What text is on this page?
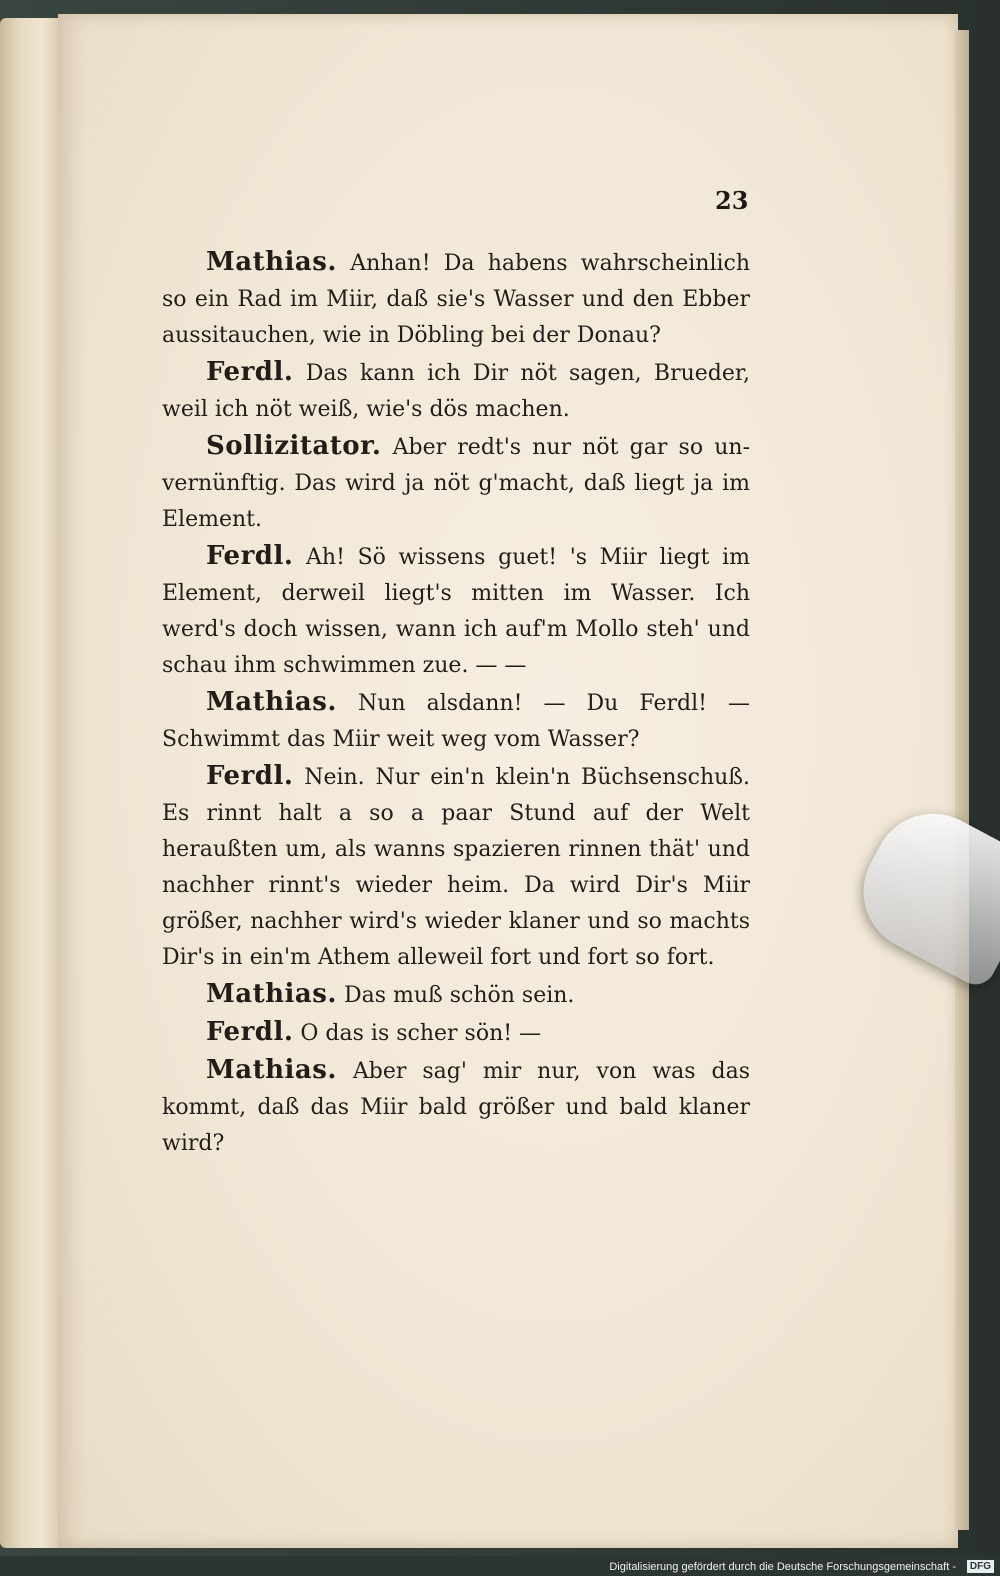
23

Mathias. Anhan! Da habens wahrscheinlich so ein Rad im Miir, daß sie's Wasser und den Ebber aussitauchen, wie in Döbling bei der Donau?

Ferdl. Das kann ich Dir nöt sagen, Brueder, weil ich nöt weiß, wie's dös machen.

Sollizitator. Aber redt's nur nöt gar so unvernünftig. Das wird ja nöt g'macht, daß liegt ja im Element.

Ferdl. Ah! Sö wissens guet! 's Miir liegt im Element, derweil liegt's mitten im Wasser. Ich werd's doch wissen, wann ich auf'm Mollo steh' und schau ihm schwimmen zue. — —

Mathias. Nun alsdann! — Du Ferdl! — Schwimmt das Miir weit weg vom Wasser?

Ferdl. Nein. Nur ein'n klein'n Büchsenschuß. Es rinnt halt a so a paar Stund auf der Welt heraußten um, als wanns spazieren rinnen thät' und nachher rinnt's wieder heim. Da wird Dir's Miir größer, nachher wird's wieder klaner und so machts Dir's in ein'm Athem alleweil fort und fort so fort.

Mathias. Das muß schön sein.

Ferdl. O das is scher sön! —

Mathias. Aber sag' mir nur, von was das kommt, daß das Miir bald größer und bald klaner wird?

Digitalisierung gefördert durch die Deutsche Forschungsgemeinschaft -	DFG
